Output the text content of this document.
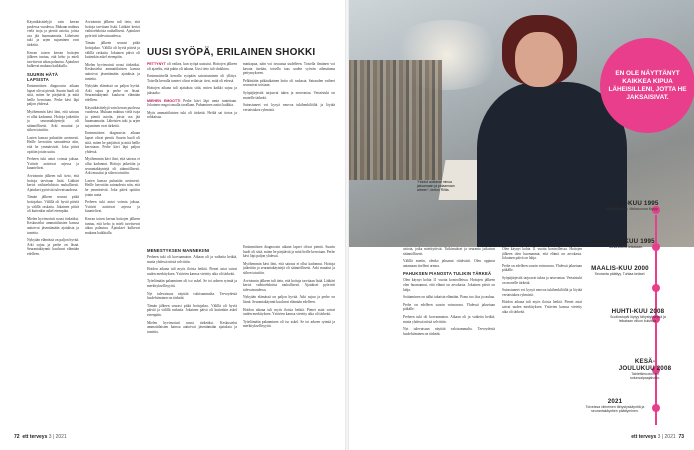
Käyntikäsittelyjä vain kerran puolessa vuodessa. Mukaan mahtuu vielä isoja ja pieniä asioita, joista osa jää huomaamatta. Läheisten tuki ja arjen sujuminen ovat tärkeitä.

Kerran toisen kerran hoitojen jälkeen tuntuu, että keho ja mieli tarvitsevat aikaa palautua. Ajatukset kulkevat mukana kaikkialla.

SUURIN HÄTÄ LAPSISTA

Ensimmäisen diagnoosin aikaan lapset olivat pieniä. Suurin huoli oli siitä, miten he pärjäävät ja mitä heille kerrotaan. Perhe kävi läpi paljon yhdessä.

Myöhemmin kävi ilmi, että sairaus ei ollut kadonnut. Hoitoja jatkettiin ja seurantakäyntejä oli säännöllisesti. Arki muuttui ja siihen totuttiin.

Lasten kanssa puhuttiin avoimesti. Heille kerrottiin sairaudesta niin, että he ymmärsivät. Joka päivä opittiin jotain uutta.

Perheen tuki antoi voimia jaksaa. Ystävät auttoivat arjessa ja kuuntelivat.

Arvioinnin jälkeen tuli tieto, että hoitoja tarvitaan lisää. Lääkäri kertoi vaihtoehdoista rauhallisesti. Ajatukset pyörivät tulevaisuudessa.

Tämän jälkeen seurasi pitkä hoitojakso. Välillä oli hyviä päiviä ja välillä raskaita. Jokainen päivä oli kuitenkin askel eteenpäin.

Mielen hyvinvointi nousi tärkeäksi. Keskustelut ammattilaisten kanssa auttoivat jäsentämään ajatuksia ja tunteita.

Nykyään elämässä on paljon hyvää. Arki sujuu ja perhe on läsnä. Seurantakäynnit kuuluvat elämään edelleen.

Arvioinnin jälkeen tuli tieto, että hoitoja tarvitaan lisää. Lääkäri kertoi vaihtoehdoista rauhallisesti. Ajatukset pyörivät tulevaisuudessa.

Tämän jälkeen seurasi pitkä hoitojakso. Välillä oli hyviä päiviä ja välillä raskaita. Jokainen päivä oli kuitenkin askel eteenpäin.

Mielen hyvinvointi nousi tärkeäksi. Keskustelut ammattilaisten kanssa auttoivat jäsentämään ajatuksia ja tunteita.

Nykyään elämässä on paljon hyvää. Arki sujuu ja perhe on läsnä. Seurantakäynnit kuuluvat elämään edelleen.

Käyntikäsittelyjä vain kerran puolessa vuodessa. Mukaan mahtuu vielä isoja ja pieniä asioita, joista osa jää huomaamatta. Läheisten tuki ja arjen sujuminen ovat tärkeitä.

Ensimmäisen diagnoosin aikaan lapset olivat pieniä. Suurin huoli oli siitä, miten he pärjäävät ja mitä heille kerrotaan. Perhe kävi läpi paljon yhdessä.

Myöhemmin kävi ilmi, että sairaus ei ollut kadonnut. Hoitoja jatkettiin ja seurantakäyntejä oli säännöllisesti. Arki muuttui ja siihen totuttiin.

Lasten kanssa puhuttiin avoimesti. Heille kerrottiin sairaudesta niin, että he ymmärsivät. Joka päivä opittiin jotain uutta.

Perheen tuki antoi voimia jaksaa. Ystävät auttoivat arjessa ja kuuntelivat.

Kerran toisen kerran hoitojen jälkeen tuntuu, että keho ja mieli tarvitsevat aikaa palautua. Ajatukset kulkevat mukana kaikkialla.

UUSI SYÖPÄ, ERILAINEN SHOKKI

PETTYNYT oli vaikea, kun syöpä uusiutui. Hoitojen jälkeen oli ajateltu, että pahin oli takana. Uusi tieto tuli shokkina.

Ensimmäisellä kerralla syöpään sairastuminen oli yllätys. Toisella kerralla tunteet olivat erilaisia: tiesi, mitä oli edessä.

Hoitojen aikana tuli ajatuksia siitä, miten kaikki sujuu ja jaksaako.

MIEHEN EMOOTTI Perhe kävi läpi omia tunteitaan. Jokainen reagoi omalla tavallaan. Puhuminen auttoi kaikkia.

Myös ammattilaisten tuki oli tärkeää. Heiltä sai tietoa ja rohkaisua.

mattiapua, näin voi tuvautua uudelleen. Toisella ilmiinen voi kavata itseään, toisella taas uuden syövän aiheuttama pettymykseen.

Pelkästään pitkäaikainen hoito oli raskasta. Sairauden vaiheet seurasivat toisiaan.

Syöpäjärjestöt tarjoavat tukea ja neuvontaa. Vertaistuki on monelle tärkeää.

Sairastuneet voi kysyä neuvoa tukihenkilöiltä ja löytää vertaistukea ryhmistä.

MENESTYKSEN MANNEKIINI

Perheen tuki oli korvaamaton. Aikaan oli ja vaikeita hetkiä, mutta yhdessä niistä selvittiin.

Hoidon aikana tuli myös iloisia hetkiä. Pienet asiat saivat uuden merkityksen. Ystävien kanssa vietetty aika oli tärkeää.

Työelämään palaaminen oli iso askel. Se toi arkeen rytmiä ja merkityksellisyyttä.

Nyt tulevaisuus näyttää valoisammalta. Terveydestä huolehtiminen on tärkeää.

Tämän jälkeen seurasi pitkä hoitojakso. Välillä oli hyviä päiviä ja välillä raskaita. Jokainen päivä oli kuitenkin askel eteenpäin.

Mielen hyvinvointi nousi tärkeäksi. Keskustelut ammattilaisten kanssa auttoivat jäsentämään ajatuksia ja tunteita.

Ensimmäisen diagnoosin aikaan lapset olivat pieniä. Suurin huoli oli siitä, miten he pärjäävät ja mitä heille kerrotaan. Perhe kävi läpi paljon yhdessä.

Myöhemmin kävi ilmi, että sairaus ei ollut kadonnut. Hoitoja jatkettiin ja seurantakäyntejä oli säännöllisesti. Arki muuttui ja siihen totuttiin.

Arvioinnin jälkeen tuli tieto, että hoitoja tarvitaan lisää. Lääkäri kertoi vaihtoehdoista rauhallisesti. Ajatukset pyörivät tulevaisuudessa.

Nykyään elämässä on paljon hyvää. Arki sujuu ja perhe on läsnä. Seurantakäynnit kuuluvat elämään edelleen.

Hoidon aikana tuli myös iloisia hetkiä. Pienet asiat saivat uuden merkityksen. Ystävien kanssa vietetty aika oli tärkeää.

Työelämään palaaminen oli iso askel. Se toi arkeen rytmiä ja merkityksellisyyttä.

72 ett terveys 3 | 2021
EN OLE NÄYTTÄNYT KAIKKEA KIPUA LÄHEISILLENI, JOTTA HE JAKSAISIVAT.
"Hoidot auttoivat minua jaksamaan ja palaamaan arkeen", kertoo Riitta.

aisiota, jotka mietityttivät. Tutkimukset ja seuranta jatkuivat säännöllisesti.

Välillä mietin, olenko jaksanut riittävästi. Olen oppinut antamaan itselleni armoa.

PAHUKSEN PIANOSTA TULIKIN TÄRKEÄ

Olen käynyt kohta 11 vuotta kontrolleissa. Hoitojen jälkeen olen huomannut, että elämä on arvokasta. Jokainen päivä on lahja.

Soittaminen on tullut takaisin elämään. Piano tuo iloa ja rauhaa.

Perhe on edelleen suurin voimavara. Yhdessä jaksetaan pitkälle.

Perheen tuki oli korvaamaton. Aikaan oli ja vaikeita hetkiä, mutta yhdessä niistä selvittiin.

Nyt tulevaisuus näyttää valoisammalta. Terveydestä huolehtiminen on tärkeää.

Olen käynyt kohta 11 vuotta kontrolleissa. Hoitojen jälkeen olen huomannut, että elämä on arvokasta. Jokainen päivä on lahja.

Perhe on edelleen suurin voimavara. Yhdessä jaksetaan pitkälle.

Syöpäjärjestöt tarjoavat tukea ja neuvontaa. Vertaistuki on monelle tärkeää.

Sairastuneet voi kysyä neuvoa tukihenkilöiltä ja löytää vertaistukea ryhmistä.

Hoidon aikana tuli myös iloisia hetkiä. Pienet asiat saivat uuden merkityksen. Ystävien kanssa vietetty aika oli tärkeää.

HELMI-KUU 1995
Luomenpoisto. Melanooma löytyy.
MAALIS-KUU 1995
Melanooma leikataan.
MAALIS-KUU 2000
Seuranta päättyy. Tuhlaa keäsel.
HUHTI-KUU 2008
Suoliostopäi löytyy tähystyksessä ja leikataan viikon kuluttua.
KESÄ-JOULUKUU 2008
Tablettimuotoinen solunsalpaajahoito.
2021
Toiveissa viimeinen tähystyskäyntiä ja seurantakäyntien päättyminen.
ett terveys 3 | 2021 73
